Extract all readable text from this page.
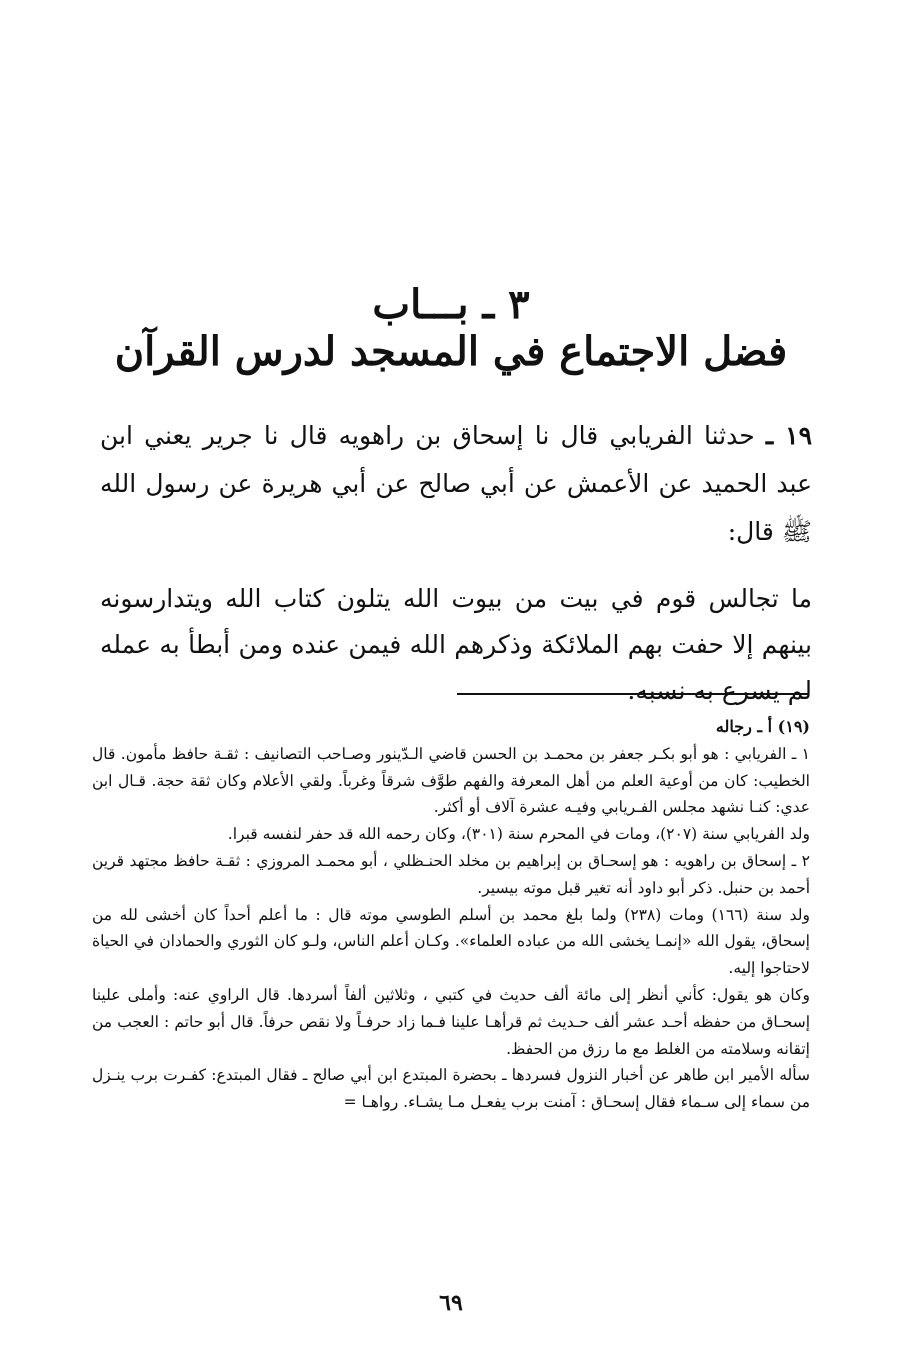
٣ ـ بـــاب
فضل الاجتماع في المسجد لدرس القرآن

١٩ ـ حدثنا الفريابي قال نا إسحاق بن راهويه قال نا جرير يعني ابن عبد الحميد عن الأعمش عن أبي صالح عن أبي هريرة عن رسول الله ﷺ قال:

ما تجالس قوم في بيت من بيوت الله يتلون كتاب الله ويتدارسونه بينهم إلا حفت بهم الملائكة وذكرهم الله فيمن عنده ومن أبطأ به عمله لم يسرع به نسبه.

(١٩) أ ـ رجاله

١ ـ الفريابي : هو أبو بكـر جعفر بن محمـد بن الحسن قاضي الـدّينور وصـاحب التصانيف : ثقـة حافظ مأمون. قال الخطيب: كان من أوعية العلم من أهل المعرفة والفهم طوَّف شرقاً وغرباً. ولقي الأعلام وكان ثقة حجة. قـال ابن عدي: كنـا نشهد مجلس الفـريابي وفيـه عشرة آلاف أو أكثر.

ولد الفريابي سنة (٢٠٧)، ومات في المحرم سنة (٣٠١)، وكان رحمه الله قد حفر لنفسه قبرا.

٢ ـ إسحاق بن راهويه : هو إسحـاق بن إبراهيم بن مخلد الحنـظلي ، أبو محمـد المروزي : ثقـة حافظ مجتهد قرين أحمد بن حنبل. ذكر أبو داود أنه تغير قبل موته بيسير.

ولد سنة (١٦٦) ومات (٢٣٨) ولما بلغ محمد بن أسلم الطوسي موته قال : ما أعلم أحداً كان أخشى لله من إسحاق، يقول الله «إنمـا يخشى الله من عباده العلماء». وكـان أعلم الناس، ولـو كان الثوري والحمادان في الحياة لاحتاجوا إليه.

وكان هو يقول: كأني أنظر إلى مائة ألف حديث في كتبي ، وثلاثين ألفاً أسردها. قال الراوي عنه: وأملى علينا إسحـاق من حفظه أحـد عشر ألف حـديث ثم قرأهـا علينا فـما زاد حرفـاً ولا نقص حرفاً. قال أبو حاتم : العجب من إتقانه وسلامته من الغلط مع ما رزق من الحفظ.

سأله الأمير ابن طاهر عن أخبار النزول فسردها ـ بحضرة المبتدع ابن أبي صالح ـ فقال المبتدع: كفـرت برب ينـزل من سماء إلى سـماء فقال إسحـاق : آمنت برب يفعـل مـا يشـاء. رواهـا =

٦٩
